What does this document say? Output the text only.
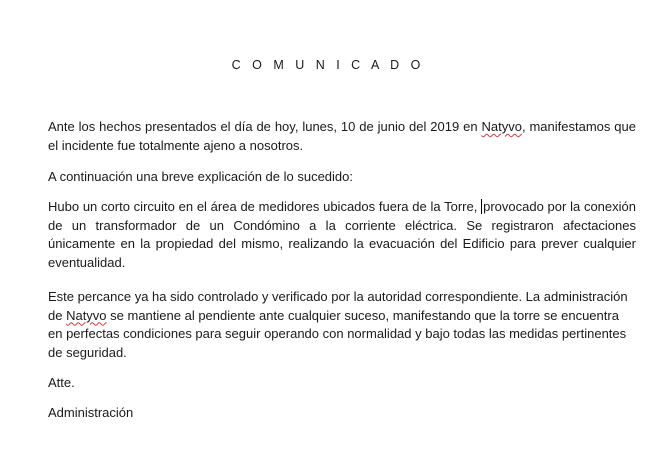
C O M U N I C A D O

Ante los hechos presentados el día de hoy, lunes, 10 de junio del 2019 en Natyvo, manifestamos que el incidente fue totalmente ajeno a nosotros.

A continuación una breve explicación de lo sucedido:

Hubo un corto circuito en el área de medidores ubicados fuera de la Torre, provocado por la conexión de un transformador de un Condómino a la corriente eléctrica. Se registraron afectaciones únicamente en la propiedad del mismo, realizando la evacuación del Edificio para prever cualquier eventualidad.

Este percance ya ha sido controlado y verificado por la autoridad correspondiente. La administración de Natyvo se mantiene al pendiente ante cualquier suceso, manifestando que la torre se encuentra en perfectas condiciones para seguir operando con normalidad y bajo todas las medidas pertinentes de seguridad.

Atte.

Administración
